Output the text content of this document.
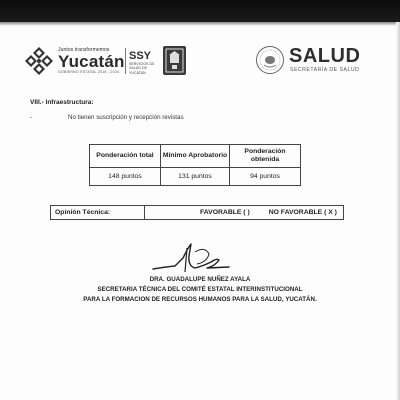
Juntos transformemos
Yucatán
GOBIERNO ESTATAL 2018 - 2024
SSY
SERVICIOS DE SALUD DE YUCATÁN
SALUD
SECRETARÍA DE SALUD
VIII.- Infraestructura:
-	No tienen suscripción y recepción revistas
Ponderación total	Mínimo Aprobatorio	Ponderación obtenida
148 puntos	131 puntos	94 puntos
Opinión Técnica:	FAVORABLE ( )	NO FAVORABLE ( X )
DRA. GUADALUPE NUÑEZ AYALA
SECRETARIA TÉCNICA DEL COMITÉ ESTATAL INTERINSTITUCIONAL
PARA LA FORMACION DE RECURSOS HUMANOS PARA LA SALUD, YUCATÁN.
